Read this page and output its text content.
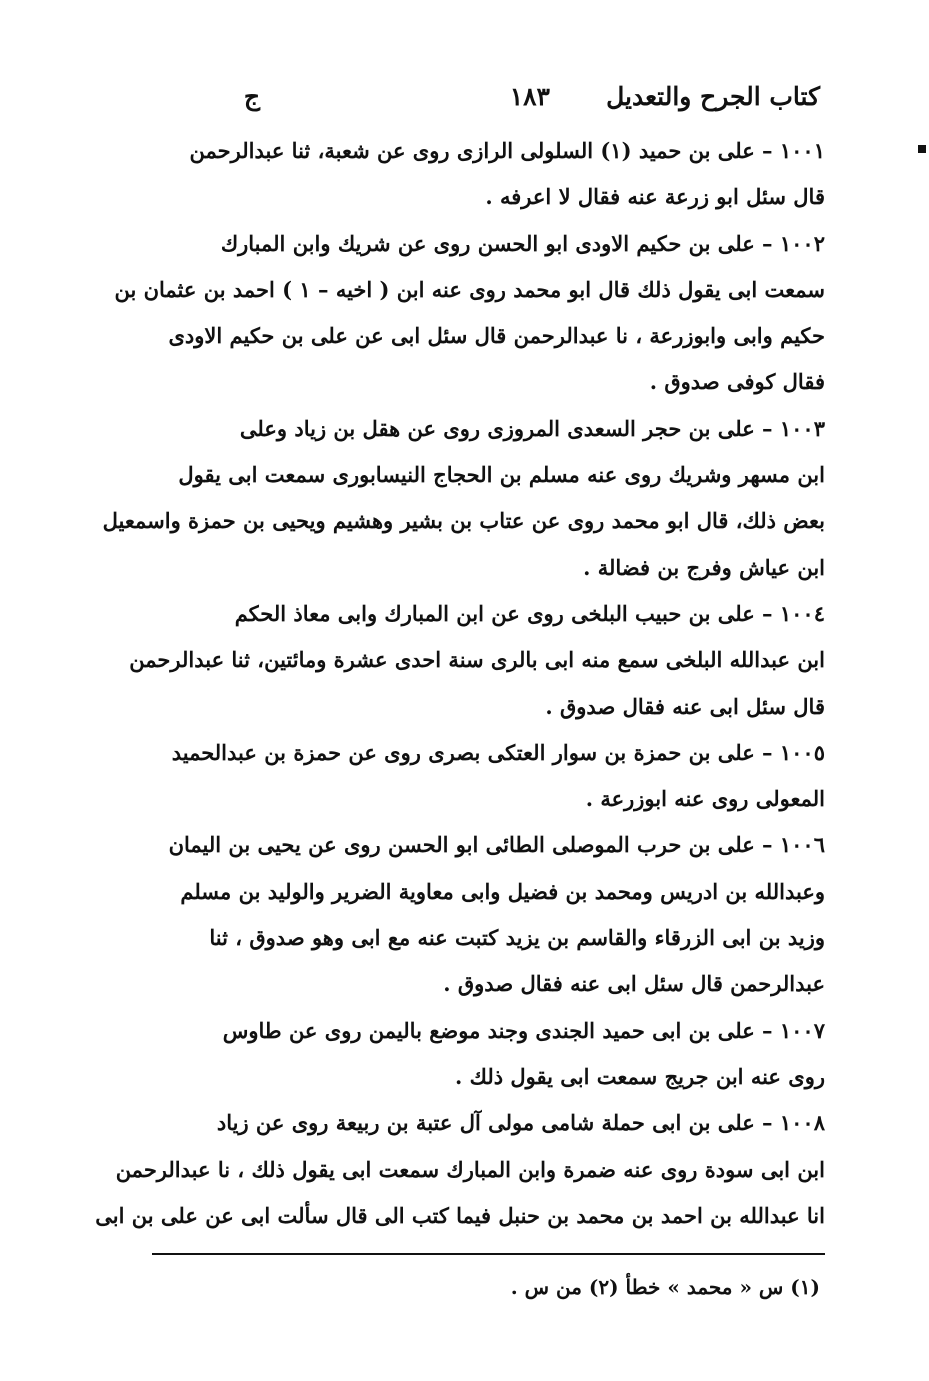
كتاب الجرح والتعديل
١٨٣
ج
١٠٠١ – على بن حميد (١) السلولى الرازى روى عن شعبة، ثنا عبدالرحمن
قال سئل ابو زرعة عنه فقال لا اعرفه .
١٠٠٢ – على بن حكيم الاودى ابو الحسن روى عن شريك وابن المبارك
سمعت ابى يقول ذلك قال ابو محمد روى عنه ابن ( اخيه – ١ ) احمد بن عثمان بن
حكيم وابى وابوزرعة ، نا عبدالرحمن قال سئل ابى عن على بن حكيم الاودى
فقال كوفى صدوق .
١٠٠٣ – على بن حجر السعدى المروزى روى عن هقل بن زياد وعلى
ابن مسهر وشريك روى عنه مسلم بن الحجاج النيسابورى سمعت ابى يقول
بعض ذلك، قال ابو محمد روى عن عتاب بن بشير وهشيم ويحيى بن حمزة واسمعيل
ابن عياش وفرج بن فضالة .
١٠٠٤ – على بن حبيب البلخى روى عن ابن المبارك وابى معاذ الحكم
ابن عبدالله البلخى سمع منه ابى بالرى سنة احدى عشرة ومائتين، ثنا عبدالرحمن
قال سئل ابى عنه فقال صدوق .
١٠٠٥ – على بن حمزة بن سوار العتكى بصرى روى عن حمزة بن عبدالحميد
المعولى روى عنه ابوزرعة .
١٠٠٦ – على بن حرب الموصلى الطائى ابو الحسن روى عن يحيى بن اليمان
وعبدالله بن ادريس ومحمد بن فضيل وابى معاوية الضرير والوليد بن مسلم
وزيد بن ابى الزرقاء والقاسم بن يزيد كتبت عنه مع ابى وهو صدوق ، ثنا
عبدالرحمن قال سئل ابى عنه فقال صدوق .
١٠٠٧ – على بن ابى حميد الجندى وجند موضع باليمن روى عن طاوس
روى عنه ابن جريج سمعت ابى يقول ذلك .
١٠٠٨ – على بن ابى حملة شامى مولى آل عتبة بن ربيعة روى عن زياد
ابن ابى سودة روى عنه ضمرة وابن المبارك سمعت ابى يقول ذلك ، نا عبدالرحمن
انا عبدالله بن احمد بن محمد بن حنبل فيما كتب الى قال سألت ابى عن على بن ابى
(١) س « محمد » خطأ (٢) من س .
